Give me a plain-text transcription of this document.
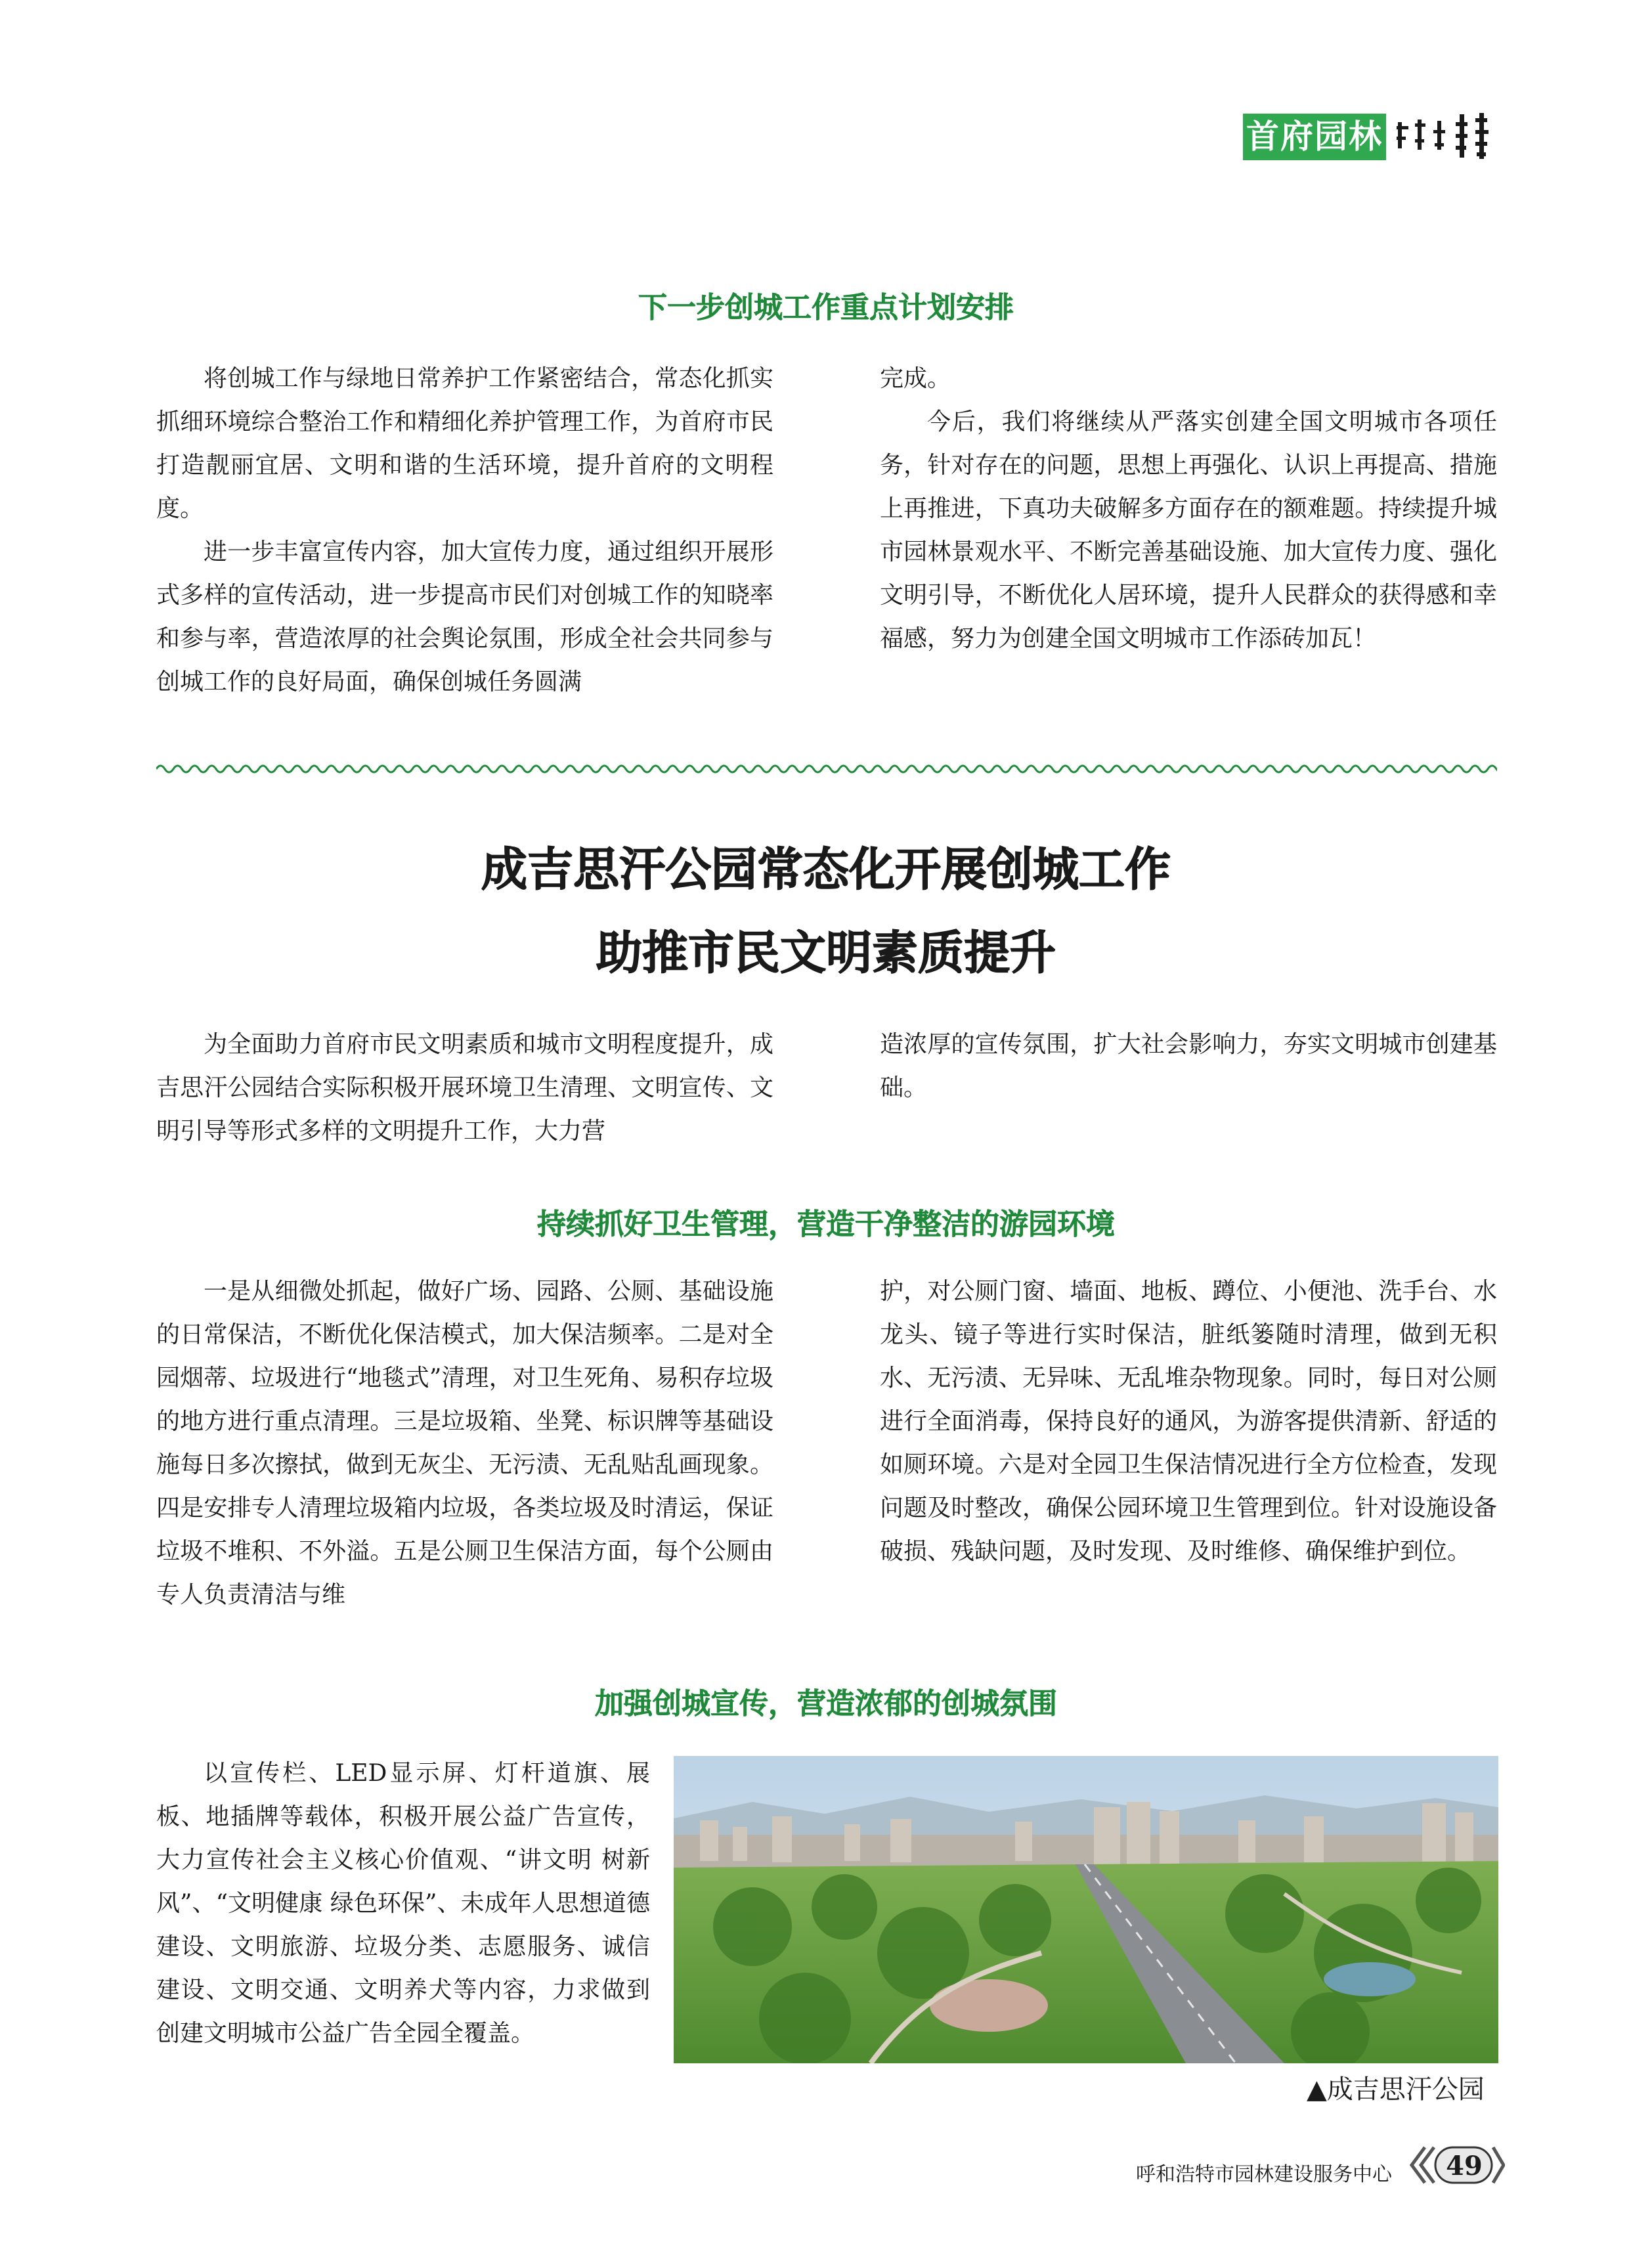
首府园林
下一步创城工作重点计划安排

将创城工作与绿地日常养护工作紧密结合，常态化抓实抓细环境综合整治工作和精细化养护管理工作，为首府市民打造靓丽宜居、文明和谐的生活环境，提升首府的文明程度。

进一步丰富宣传内容，加大宣传力度，通过组织开展形式多样的宣传活动，进一步提高市民们对创城工作的知晓率和参与率，营造浓厚的社会舆论氛围，形成全社会共同参与创城工作的良好局面，确保创城任务圆满

完成。

今后，我们将继续从严落实创建全国文明城市各项任务，针对存在的问题，思想上再强化、认识上再提高、措施上再推进，下真功夫破解多方面存在的额难题。持续提升城市园林景观水平、不断完善基础设施、加大宣传力度、强化文明引导，不断优化人居环境，提升人民群众的获得感和幸福感，努力为创建全国文明城市工作添砖加瓦！

成吉思汗公园常态化开展创城工作
助推市民文明素质提升

为全面助力首府市民文明素质和城市文明程度提升，成吉思汗公园结合实际积极开展环境卫生清理、文明宣传、文明引导等形式多样的文明提升工作，大力营

造浓厚的宣传氛围，扩大社会影响力，夯实文明城市创建基础。

持续抓好卫生管理，营造干净整洁的游园环境

一是从细微处抓起，做好广场、园路、公厕、基础设施的日常保洁，不断优化保洁模式，加大保洁频率。二是对全园烟蒂、垃圾进行“地毯式”清理，对卫生死角、易积存垃圾的地方进行重点清理。三是垃圾箱、坐凳、标识牌等基础设施每日多次擦拭，做到无灰尘、无污渍、无乱贴乱画现象。四是安排专人清理垃圾箱内垃圾，各类垃圾及时清运，保证垃圾不堆积、不外溢。五是公厕卫生保洁方面，每个公厕由专人负责清洁与维

护，对公厕门窗、墙面、地板、蹲位、小便池、洗手台、水龙头、镜子等进行实时保洁，脏纸篓随时清理，做到无积水、无污渍、无异味、无乱堆杂物现象。同时，每日对公厕进行全面消毒，保持良好的通风，为游客提供清新、舒适的如厕环境。六是对全园卫生保洁情况进行全方位检查，发现问题及时整改，确保公园环境卫生管理到位。针对设施设备破损、残缺问题，及时发现、及时维修、确保维护到位。

加强创城宣传，营造浓郁的创城氛围

以宣传栏、LED显示屏、灯杆道旗、展板、地插牌等载体，积极开展公益广告宣传，大力宣传社会主义核心价值观、“讲文明 树新风”、“文明健康 绿色环保”、未成年人思想道德建设、文明旅游、垃圾分类、志愿服务、诚信建设、文明交通、文明养犬等内容，力求做到创建文明城市公益广告全园全覆盖。

▲成吉思汗公园
呼和浩特市园林建设服务中心	49
